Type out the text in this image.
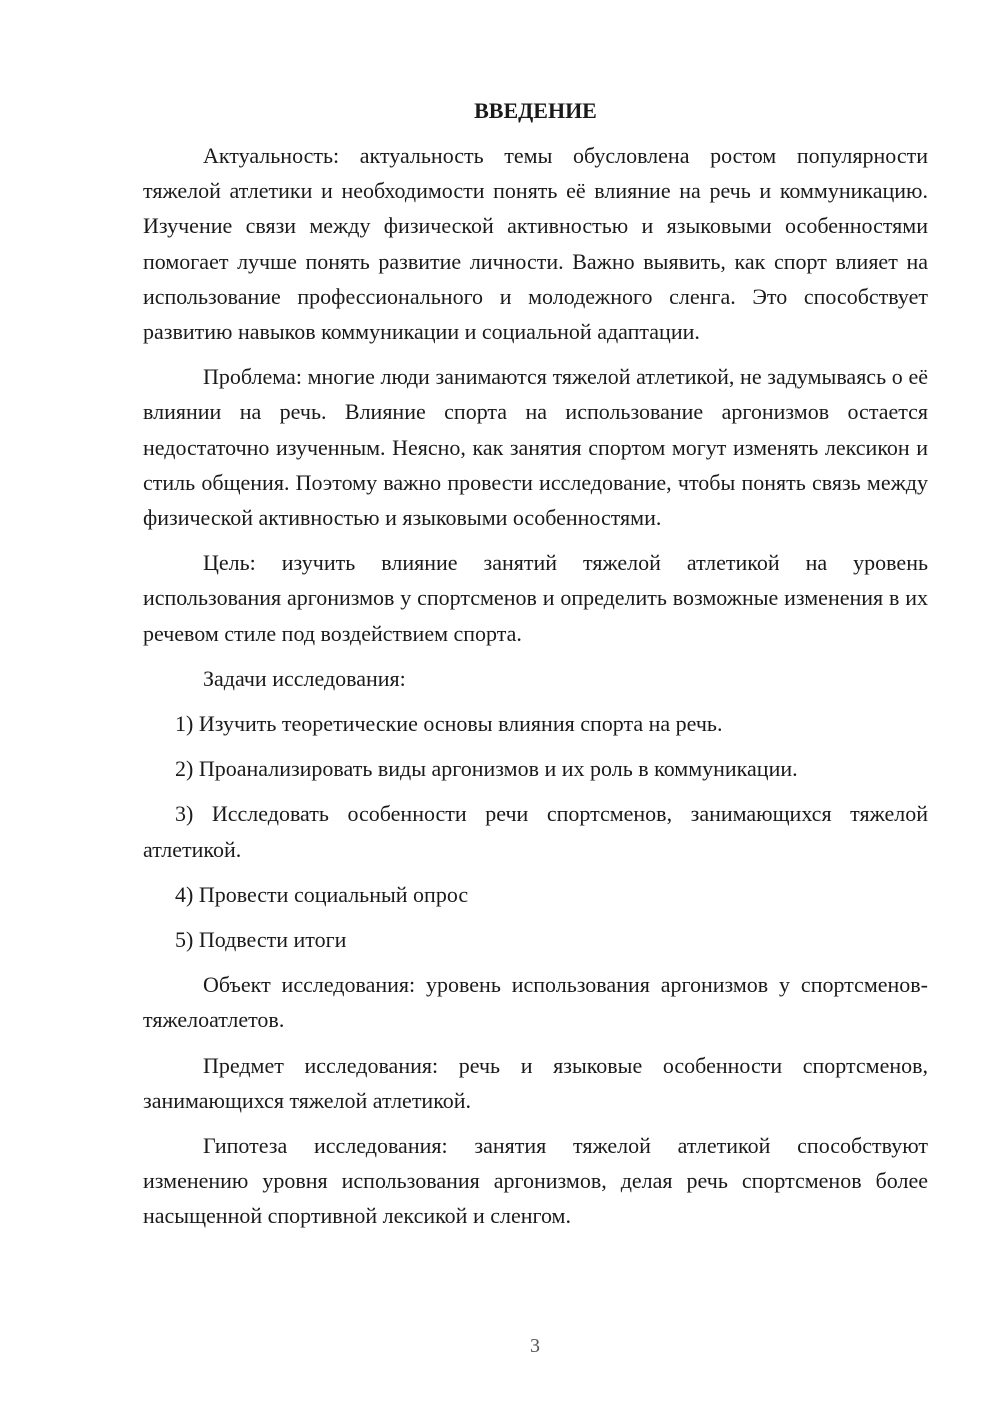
ВВЕДЕНИЕ

Актуальность: актуальность темы обусловлена ростом популярности тяжелой атлетики и необходимости понять её влияние на речь и коммуникацию. Изучение связи между физической активностью и языковыми особенностями помогает лучше понять развитие личности. Важно выявить, как спорт влияет на использование профессионального и молодежного сленга. Это способствует развитию навыков коммуникации и социальной адаптации.

Проблема: многие люди занимаются тяжелой атлетикой, не задумываясь о её влиянии на речь. Влияние спорта на использование аргонизмов остается недостаточно изученным. Неясно, как занятия спортом могут изменять лексикон и стиль общения. Поэтому важно провести исследование, чтобы понять связь между физической активностью и языковыми особенностями.

Цель: изучить влияние занятий тяжелой атлетикой на уровень использования аргонизмов у спортсменов и определить возможные изменения в их речевом стиле под воздействием спорта.

Задачи исследования:

1) Изучить теоретические основы влияния спорта на речь.

2) Проанализировать виды аргонизмов и их роль в коммуникации.

3) Исследовать особенности речи спортсменов, занимающихся тяжелой атлетикой.

4) Провести социальный опрос

5) Подвести итоги

Объект исследования: уровень использования аргонизмов у спортсменов-тяжелоатлетов.

Предмет исследования: речь и языковые особенности спортсменов, занимающихся тяжелой атлетикой.

Гипотеза исследования: занятия тяжелой атлетикой способствуют изменению уровня использования аргонизмов, делая речь спортсменов более насыщенной спортивной лексикой и сленгом.

3
